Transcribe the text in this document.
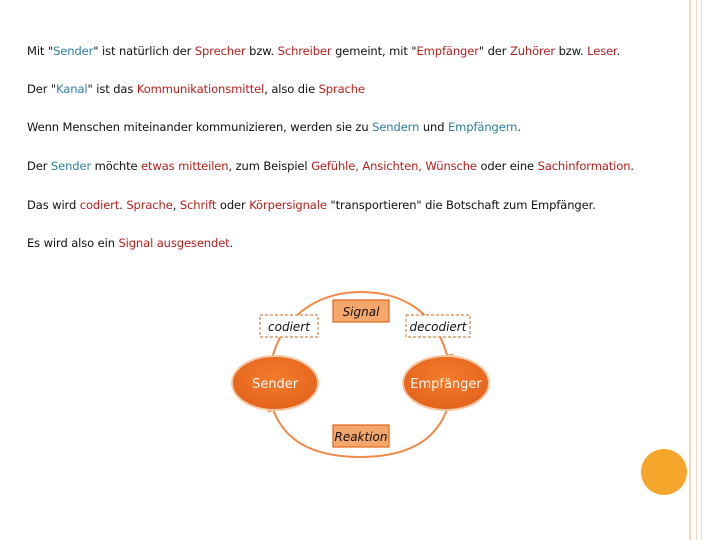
Mit "Sender" ist natürlich der Sprecher bzw. Schreiber gemeint, mit "Empfänger" der Zuhörer bzw. Leser.
Der "Kanal" ist das Kommunikationsmittel, also die Sprache
Wenn Menschen miteinander kommunizieren, werden sie zu Sendern und Empfängern.
Der Sender möchte etwas mitteilen, zum Beispiel Gefühle, Ansichten, Wünsche oder eine Sachinformation.
Das wird codiert. Sprache, Schrift oder Körpersignale "transportieren" die Botschaft zum Empfänger.
Es wird also ein Signal ausgesendet.
Signal
codiert	decodiert
Sender	Empfänger
Reaktion
